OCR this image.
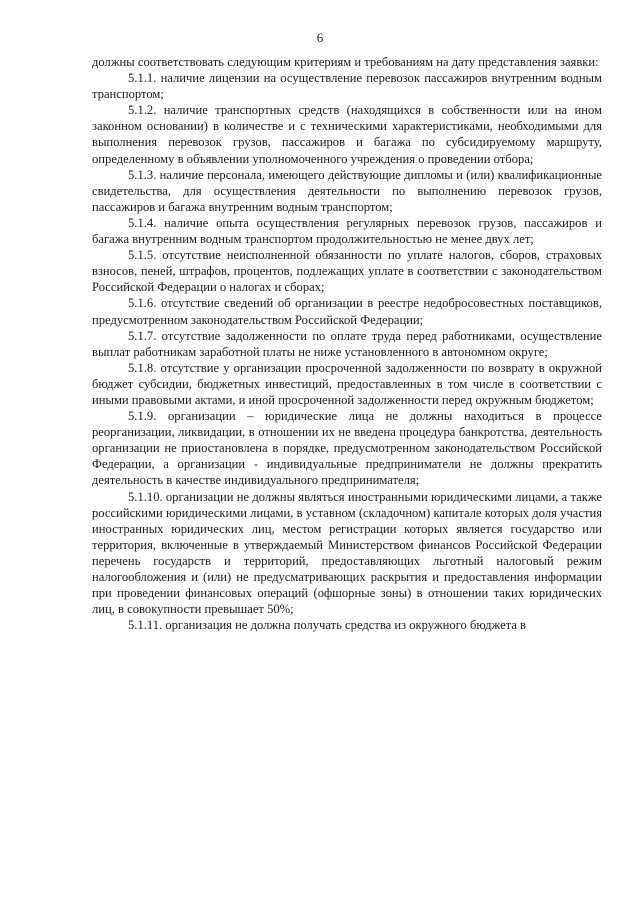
6

должны соответствовать следующим критериям и требованиям на дату представления заявки:

5.1.1. наличие лицензии на осуществление перевозок пассажиров внутренним водным транспортом;

5.1.2. наличие транспортных средств (находящихся в собственности или на ином законном основании) в количестве и с техническими характеристиками, необходимыми для выполнения перевозок грузов, пассажиров и багажа по субсидируемому маршруту, определенному в объявлении уполномоченного учреждения о проведении отбора;

5.1.3. наличие персонала, имеющего действующие дипломы и (или) квалификационные свидетельства, для осуществления деятельности по выполнению перевозок грузов, пассажиров и багажа внутренним водным транспортом;

5.1.4. наличие опыта осуществления регулярных перевозок грузов, пассажиров и багажа внутренним водным транспортом продолжительностью не менее двух лет;

5.1.5. отсутствие неисполненной обязанности по уплате налогов, сборов, страховых взносов, пеней, штрафов, процентов, подлежащих уплате в соответствии с законодательством Российской Федерации о налогах и сборах;

5.1.6. отсутствие сведений об организации в реестре недобросовестных поставщиков, предусмотренном законодательством Российской Федерации;

5.1.7. отсутствие задолженности по оплате труда перед работниками, осуществление выплат работникам заработной платы не ниже установленного в автономном округе;

5.1.8. отсутствие у организации просроченной задолженности по возврату в окружной бюджет субсидии, бюджетных инвестиций, предоставленных в том числе в соответствии с иными правовыми актами, и иной просроченной задолженности перед окружным бюджетом;

5.1.9. организации – юридические лица не должны находиться в процессе реорганизации, ликвидации, в отношении их не введена процедура банкротства, деятельность организации не приостановлена в порядке, предусмотренном законодательством Российской Федерации, а организации - индивидуальные предприниматели не должны прекратить деятельность в качестве индивидуального предпринимателя;

5.1.10. организации не должны являться иностранными юридическими лицами, а также российскими юридическими лицами, в уставном (складочном) капитале которых доля участия иностранных юридических лиц, местом регистрации которых является государство или территория, включенные в утверждаемый Министерством финансов Российской Федерации перечень государств и территорий, предоставляющих льготный налоговый режим налогообложения и (или) не предусматривающих раскрытия и предоставления информации при проведении финансовых операций (офшорные зоны) в отношении таких юридических лиц, в совокупности превышает 50%;

5.1.11. организация не должна получать средства из окружного бюджета в
